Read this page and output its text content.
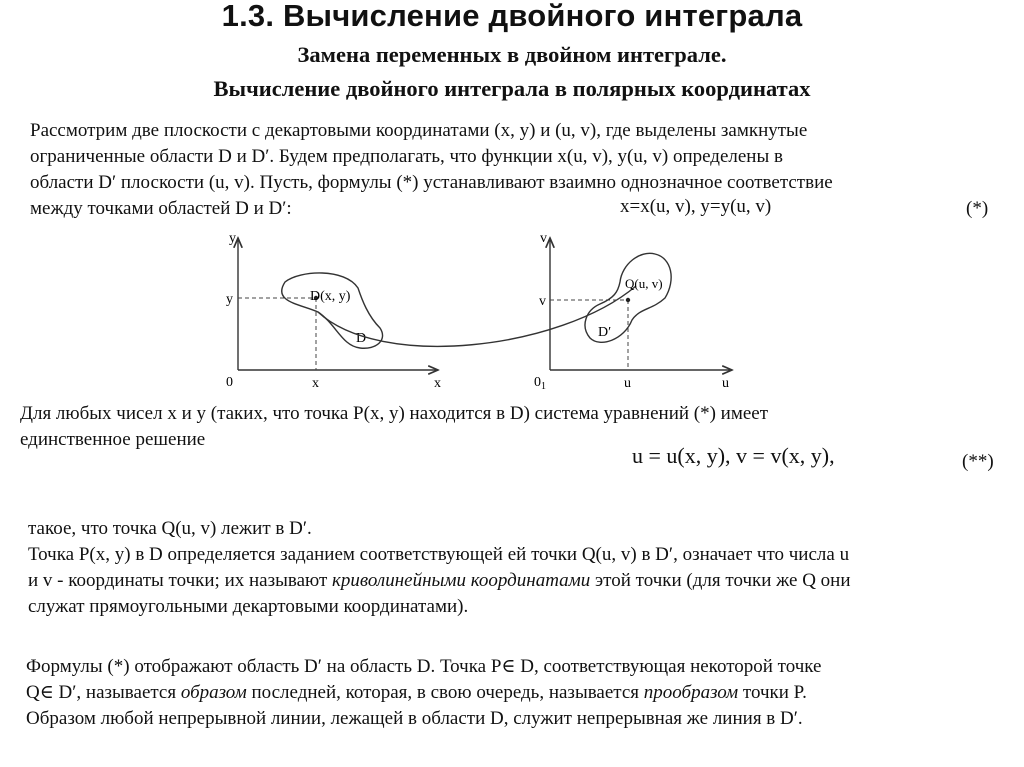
1.3. Вычисление двойного интеграла
Замена переменных в двойном интеграле.
Вычисление двойного интеграла в полярных координатах
Рассмотрим две плоскости с декартовыми координатами (x, y) и (u, v), где выделены замкнутые
ограниченные области D и D′. Будем предполагать, что функции x(u, v), y(u, v) определены в
области D′ плоскости (u, v). Пусть, формулы (*) устанавливают взаимно однозначное соответствие
между точками областей D и D′:	x=x(u, v), y=y(u, v)	(*)
y
x
0	x
y	D(x, y)
D
v
u
$0_1$	u
v
Q(u, v)
D′
Для любых чисел x и y (таких, что точка P(x, y) находится в D) система уравнений (*) имеет
единственное решение
u = u(x, y), v = v(x, y),	(**)
такое, что точка Q(u, v) лежит в D′.
Точка P(x, y) в D определяется заданием соответствующей ей точки Q(u, v) в D′, означает что числа u
и v - координаты точки; их называют криволинейными координатами этой точки (для точки же Q они
служат прямоугольными декартовыми координатами).
Формулы (*) отображают область D′ на область D. Точка P∈ D, соответствующая некоторой точке
Q∈ D′, называется образом последней, которая, в свою очередь, называется прообразом точки P.
Образом любой непрерывной линии, лежащей в области D, служит непрерывная же линия в D′.
